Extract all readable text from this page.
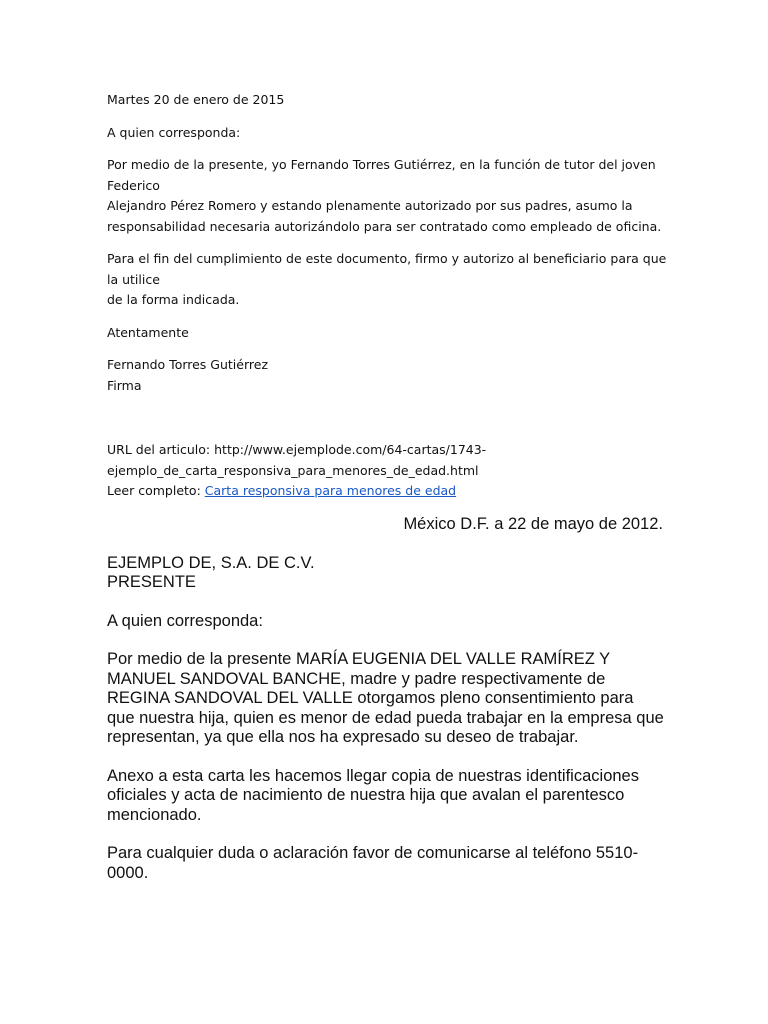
Martes 20 de enero de 2015

A quien corresponda:

Por medio de la presente, yo Fernando Torres Gutiérrez, en la función de tutor del joven Federico

Alejandro Pérez Romero y estando plenamente autorizado por sus padres, asumo la

responsabilidad necesaria autorizándolo para ser contratado como empleado de oficina.

Para el fin del cumplimiento de este documento, firmo y autorizo al beneficiario para que la utilice

de la forma indicada.

Atentamente

Fernando Torres Gutiérrez

Firma

URL del articulo: http://www.ejemplode.com/64-cartas/1743-

ejemplo_de_carta_responsiva_para_menores_de_edad.html

Leer completo: Carta responsiva para menores de edad

México D.F. a 22 de mayo de 2012.

EJEMPLO DE, S.A. DE C.V.

PRESENTE

A quien corresponda:

Por medio de la presente MARÍA EUGENIA DEL VALLE RAMÍREZ Y

MANUEL SANDOVAL BANCHE, madre y padre respectivamente de

REGINA SANDOVAL DEL VALLE otorgamos pleno consentimiento para

que nuestra hija, quien es menor de edad pueda trabajar en la empresa que

representan, ya que ella nos ha expresado su deseo de trabajar.

Anexo a esta carta les hacemos llegar copia de nuestras identificaciones

oficiales y acta de nacimiento de nuestra hija que avalan el parentesco

mencionado.

Para cualquier duda o aclaración favor de comunicarse al teléfono 5510-

0000.
